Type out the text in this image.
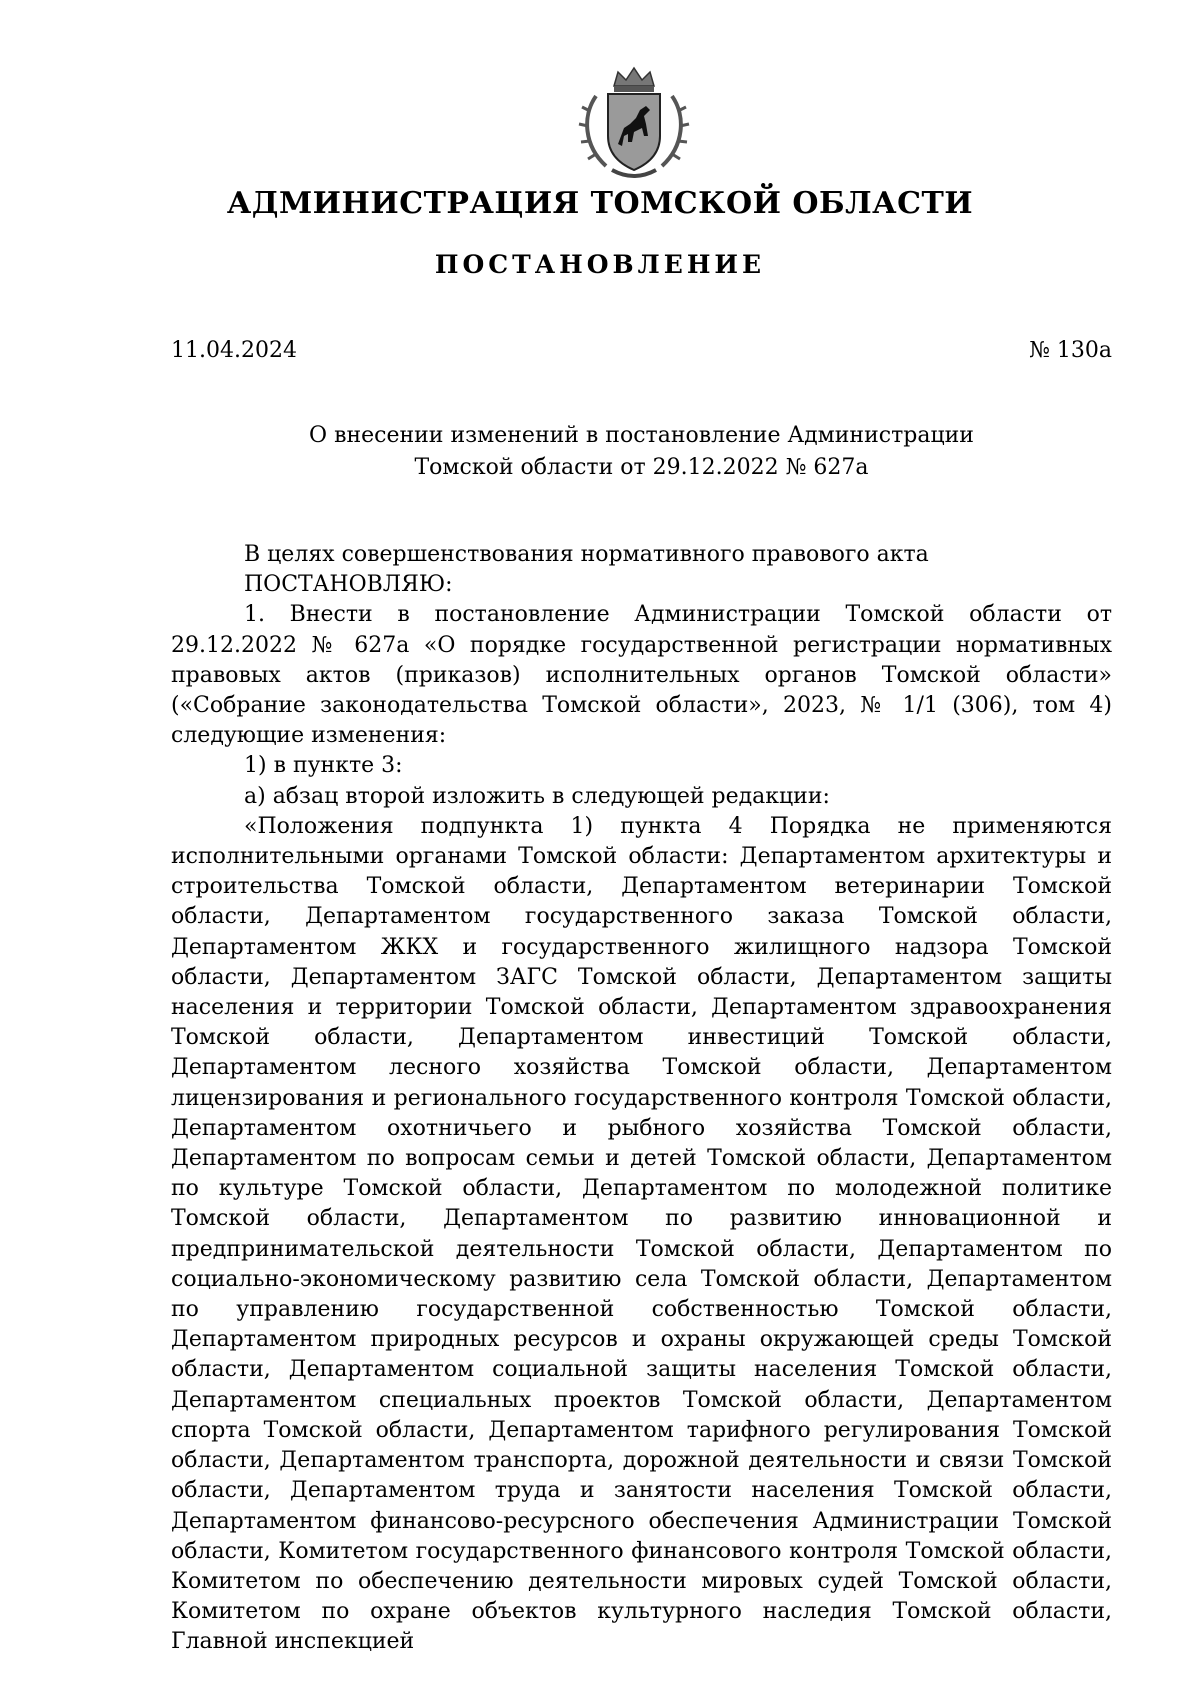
АДМИНИСТРАЦИЯ ТОМСКОЙ ОБЛАСТИ
ПОСТАНОВЛЕНИЕ
11.04.2024	№ 130а
О внесении изменений в постановление Администрации
Томской области от 29.12.2022 № 627а

В целях совершенствования нормативного правового акта

ПОСТАНОВЛЯЮ:

1. Внести в постановление Администрации Томской области от 29.12.2022 № 627а «О порядке государственной регистрации нормативных правовых актов (приказов) исполнительных органов Томской области» («Собрание законодательства Томской области», 2023, № 1/1 (306), том 4) следующие изменения:

1) в пункте 3:

а) абзац второй изложить в следующей редакции:

«Положения подпункта 1) пункта 4 Порядка не применяются исполнительными органами Томской области: Департаментом архитектуры и строительства Томской области, Департаментом ветеринарии Томской области, Департаментом государственного заказа Томской области, Департаментом ЖКХ и государственного жилищного надзора Томской области, Департаментом ЗАГС Томской области, Департаментом защиты населения и территории Томской области, Департаментом здравоохранения Томской области, Департаментом инвестиций Томской области, Департаментом лесного хозяйства Томской области, Департаментом лицензирования и регионального государственного контроля Томской области, Департаментом охотничьего и рыбного хозяйства Томской области, Департаментом по вопросам семьи и детей Томской области, Департаментом по культуре Томской области, Департаментом по молодежной политике Томской области, Департаментом по развитию инновационной и предпринимательской деятельности Томской области, Департаментом по социально-экономическому развитию села Томской области, Департаментом по управлению государственной собственностью Томской области, Департаментом природных ресурсов и охраны окружающей среды Томской области, Департаментом социальной защиты населения Томской области, Департаментом специальных проектов Томской области, Департаментом спорта Томской области, Департаментом тарифного регулирования Томской области, Департаментом транспорта, дорожной деятельности и связи Томской области, Департаментом труда и занятости населения Томской области, Департаментом финансово-ресурсного обеспечения Администрации Томской области, Комитетом государственного финансового контроля Томской области, Комитетом по обеспечению деятельности мировых судей Томской области, Комитетом по охране объектов культурного наследия Томской области, Главной инспекцией
